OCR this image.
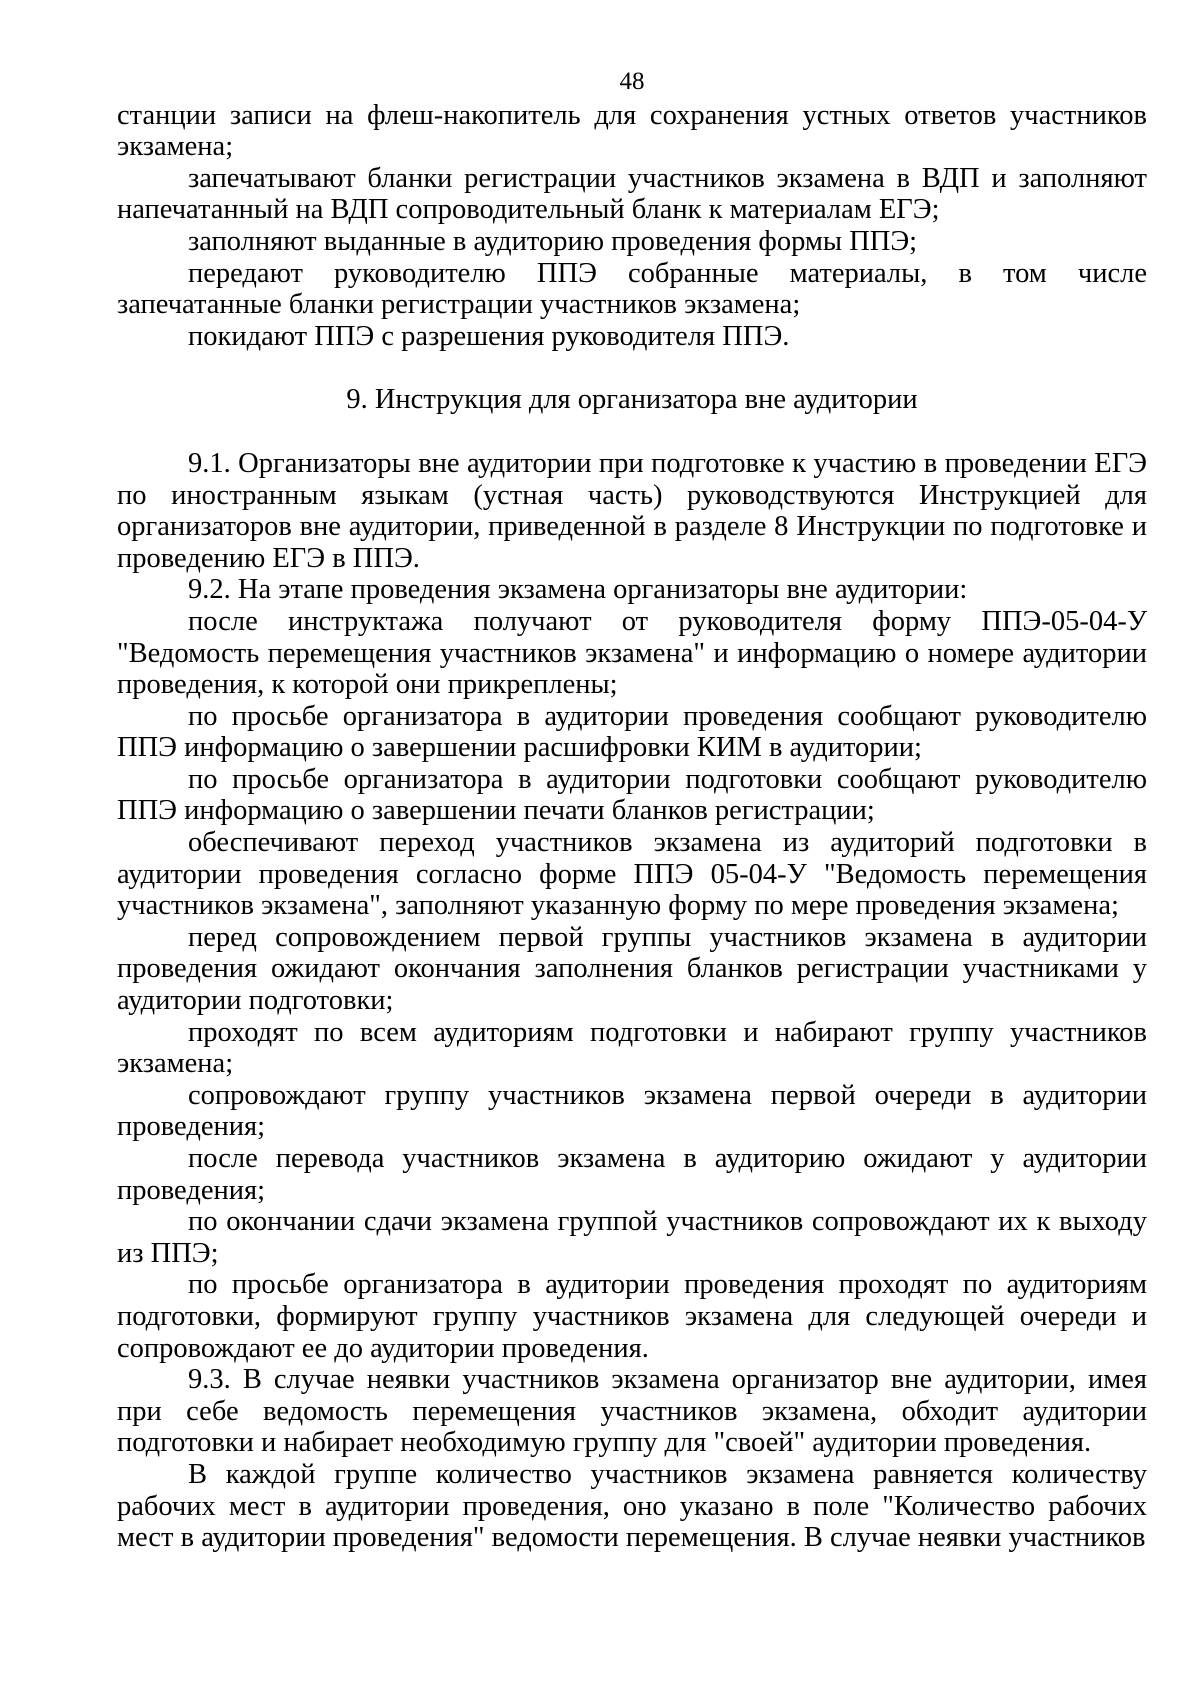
48

станции записи на флеш-накопитель для сохранения устных ответов участников экзамена;

запечатывают бланки регистрации участников экзамена в ВДП и заполняют напечатанный на ВДП сопроводительный бланк к материалам ЕГЭ;

заполняют выданные в аудиторию проведения формы ППЭ;

передают руководителю ППЭ собранные материалы, в том числе запечатанные бланки регистрации участников экзамена;

покидают ППЭ с разрешения руководителя ППЭ.

9. Инструкция для организатора вне аудитории

9.1. Организаторы вне аудитории при подготовке к участию в проведении ЕГЭ по иностранным языкам (устная часть) руководствуются Инструкцией для организаторов вне аудитории, приведенной в разделе 8 Инструкции по подготовке и проведению ЕГЭ в ППЭ.

9.2. На этапе проведения экзамена организаторы вне аудитории:

после инструктажа получают от руководителя форму ППЭ-05-04-У "Ведомость перемещения участников экзамена" и информацию о номере аудитории проведения, к которой они прикреплены;

по просьбе организатора в аудитории проведения сообщают руководителю ППЭ информацию о завершении расшифровки КИМ в аудитории;

по просьбе организатора в аудитории подготовки сообщают руководителю ППЭ информацию о завершении печати бланков регистрации;

обеспечивают переход участников экзамена из аудиторий подготовки в аудитории проведения согласно форме ППЭ 05-04-У "Ведомость перемещения участников экзамена", заполняют указанную форму по мере проведения экзамена;

перед сопровождением первой группы участников экзамена в аудитории проведения ожидают окончания заполнения бланков регистрации участниками у аудитории подготовки;

проходят по всем аудиториям подготовки и набирают группу участников экзамена;

сопровождают группу участников экзамена первой очереди в аудитории проведения;

после перевода участников экзамена в аудиторию ожидают у аудитории проведения;

по окончании сдачи экзамена группой участников сопровождают их к выходу из ППЭ;

по просьбе организатора в аудитории проведения проходят по аудиториям подготовки, формируют группу участников экзамена для следующей очереди и сопровождают ее до аудитории проведения.

9.3. В случае неявки участников экзамена организатор вне аудитории, имея при себе ведомость перемещения участников экзамена, обходит аудитории подготовки и набирает необходимую группу для "своей" аудитории проведения.

В каждой группе количество участников экзамена равняется количеству рабочих мест в аудитории проведения, оно указано в поле "Количество рабочих мест в аудитории проведения" ведомости перемещения. В случае неявки участников
